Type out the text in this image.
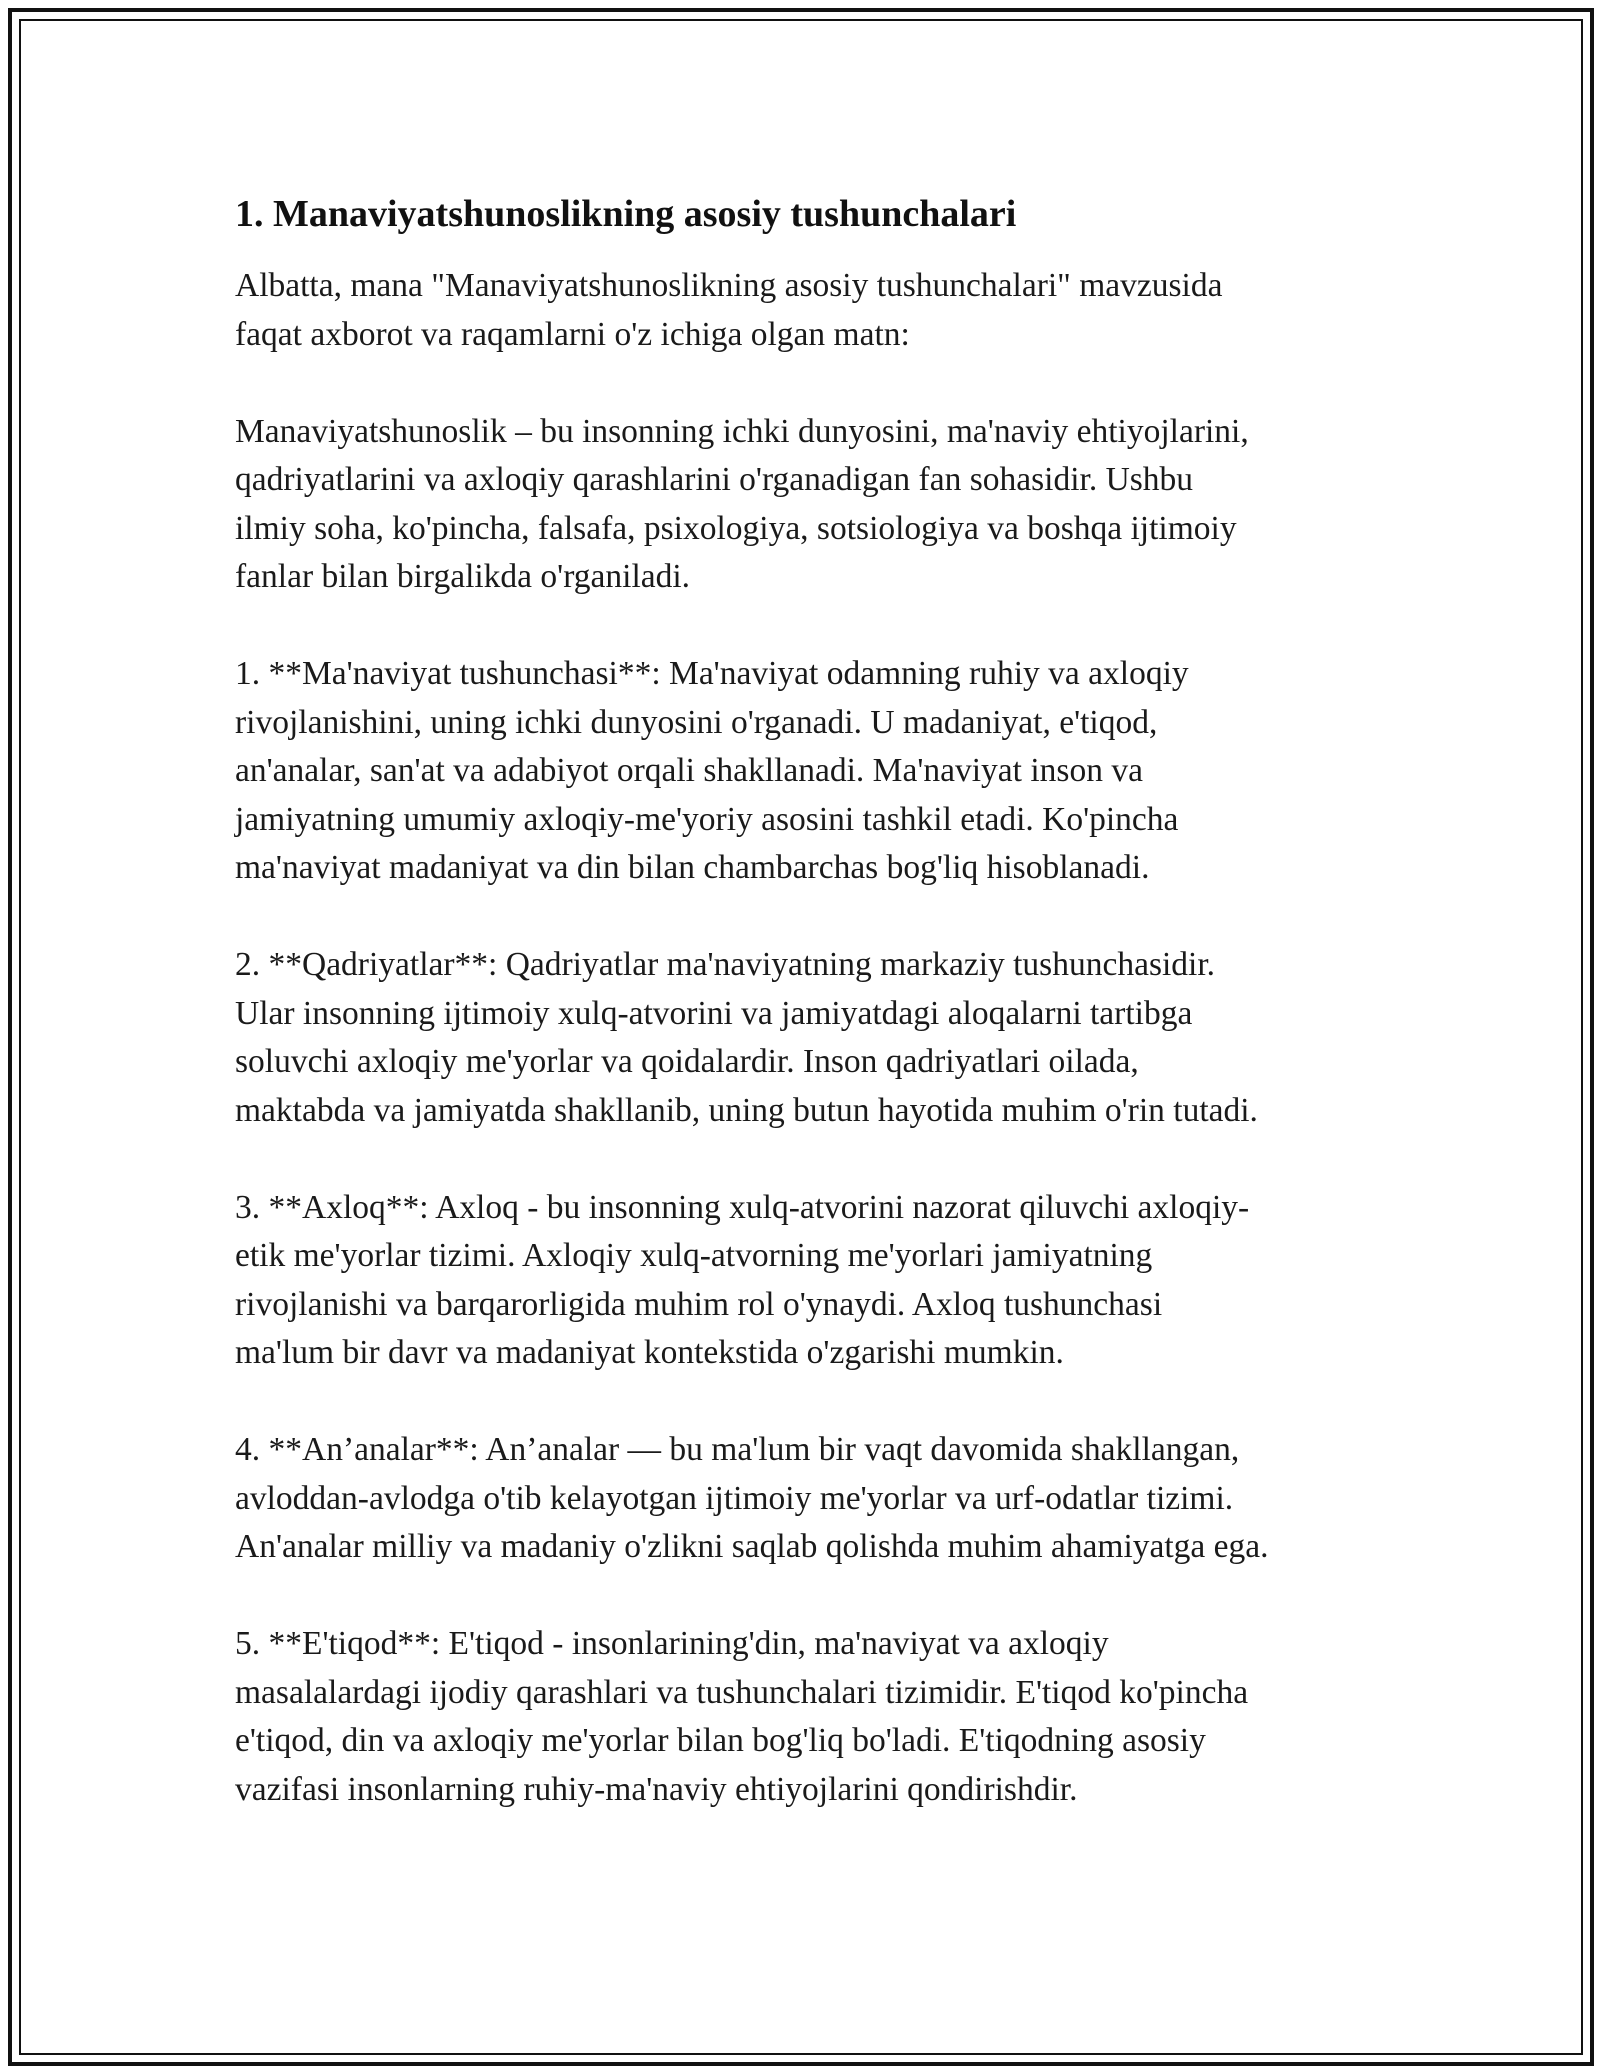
1. Manaviyatshunoslikning asosiy tushunchalari
Albatta, mana "Manaviyatshunoslikning asosiy tushunchalari" mavzusida
faqat axborot va raqamlarni o'z ichiga olgan matn:
Manaviyatshunoslik – bu insonning ichki dunyosini, ma'naviy ehtiyojlarini,
qadriyatlarini va axloqiy qarashlarini o'rganadigan fan sohasidir. Ushbu
ilmiy soha, ko'pincha, falsafa, psixologiya, sotsiologiya va boshqa ijtimoiy
fanlar bilan birgalikda o'rganiladi.
1. **Ma'naviyat tushunchasi**: Ma'naviyat odamning ruhiy va axloqiy
rivojlanishini, uning ichki dunyosini o'rganadi. U madaniyat, e'tiqod,
an'analar, san'at va adabiyot orqali shakllanadi. Ma'naviyat inson va
jamiyatning umumiy axloqiy-me'yoriy asosini tashkil etadi. Ko'pincha
ma'naviyat madaniyat va din bilan chambarchas bog'liq hisoblanadi.
2. **Qadriyatlar**: Qadriyatlar ma'naviyatning markaziy tushunchasidir.
Ular insonning ijtimoiy xulq-atvorini va jamiyatdagi aloqalarni tartibga
soluvchi axloqiy me'yorlar va qoidalardir. Inson qadriyatlari oilada,
maktabda va jamiyatda shakllanib, uning butun hayotida muhim o'rin tutadi.
3. **Axloq**: Axloq - bu insonning xulq-atvorini nazorat qiluvchi axloqiy-
etik me'yorlar tizimi. Axloqiy xulq-atvorning me'yorlari jamiyatning
rivojlanishi va barqarorligida muhim rol o'ynaydi. Axloq tushunchasi
ma'lum bir davr va madaniyat kontekstida o'zgarishi mumkin.
4. **An’analar**: An’analar — bu ma'lum bir vaqt davomida shakllangan,
avloddan-avlodga o'tib kelayotgan ijtimoiy me'yorlar va urf-odatlar tizimi.
An'analar milliy va madaniy o'zlikni saqlab qolishda muhim ahamiyatga ega.
5. **E'tiqod**: E'tiqod - insonlarining'din, ma'naviyat va axloqiy
masalalardagi ijodiy qarashlari va tushunchalari tizimidir. E'tiqod ko'pincha
e'tiqod, din va axloqiy me'yorlar bilan bog'liq bo'ladi. E'tiqodning asosiy
vazifasi insonlarning ruhiy-ma'naviy ehtiyojlarini qondirishdir.
